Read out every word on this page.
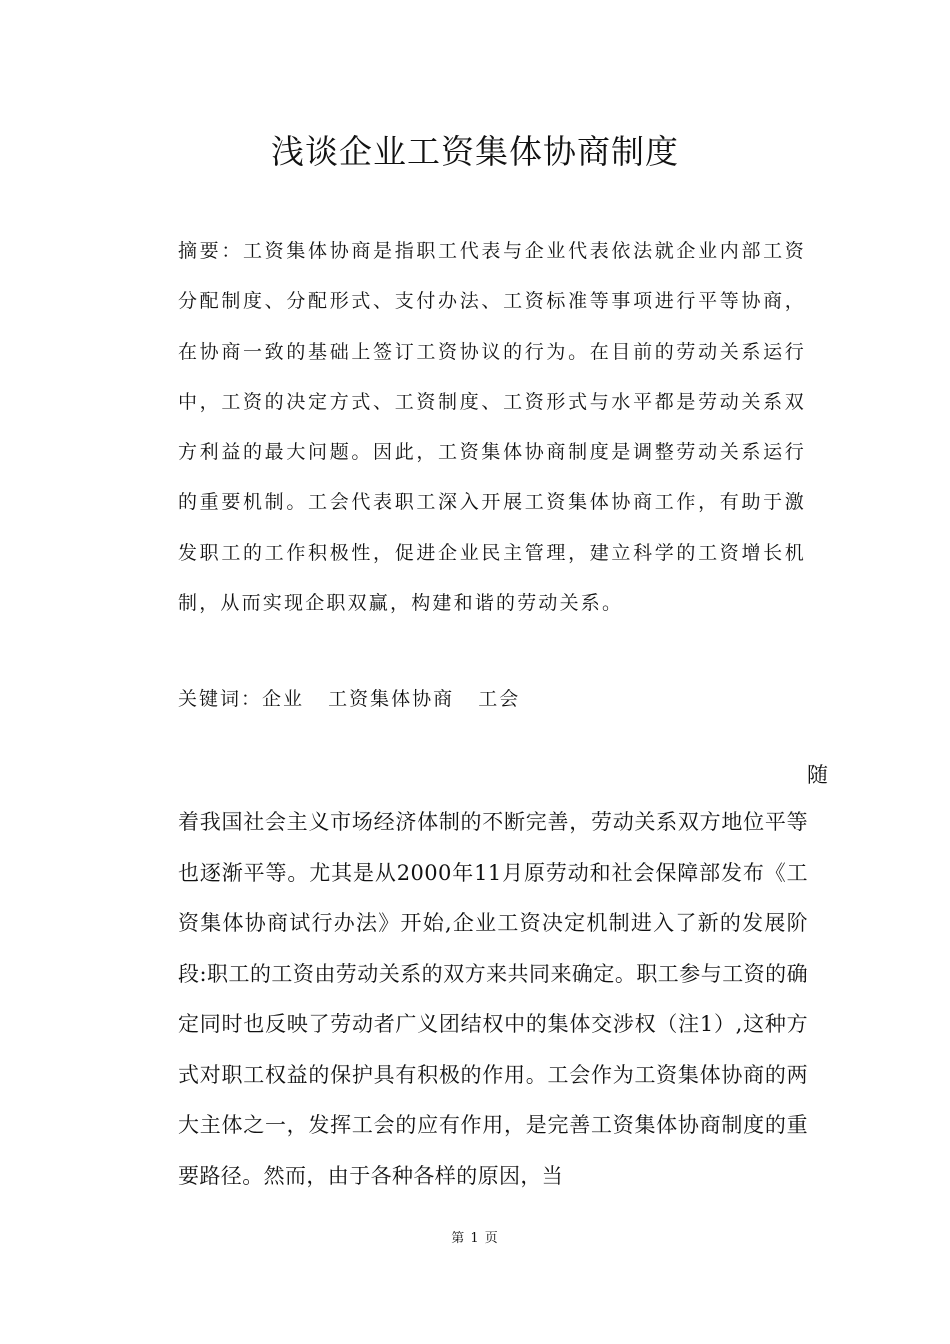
浅谈企业工资集体协商制度

摘要：工资集体协商是指职工代表与企业代表依法就企业内部工资分配制度、分配形式、支付办法、工资标准等事项进行平等协商，在协商一致的基础上签订工资协议的行为。在目前的劳动关系运行中，工资的决定方式、工资制度、工资形式与水平都是劳动关系双方利益的最大问题。因此，工资集体协商制度是调整劳动关系运行的重要机制。工会代表职工深入开展工资集体协商工作，有助于激发职工的工作积极性，促进企业民主管理，建立科学的工资增长机制，从而实现企职双赢，构建和谐的劳动关系。

关键词：企业   工资集体协商   工会

随

着我国社会主义市场经济体制的不断完善，劳动关系双方地位平等也逐渐平等。尤其是从2000年11月原劳动和社会保障部发布《工资集体协商试行办法》开始,企业工资决定机制进入了新的发展阶段:职工的工资由劳动关系的双方来共同来确定。职工参与工资的确定同时也反映了劳动者广义团结权中的集体交涉权（注1）,这种方式对职工权益的保护具有积极的作用。工会作为工资集体协商的两大主体之一，发挥工会的应有作用，是完善工资集体协商制度的重要路径。然而，由于各种各样的原因，当

第 1 页
